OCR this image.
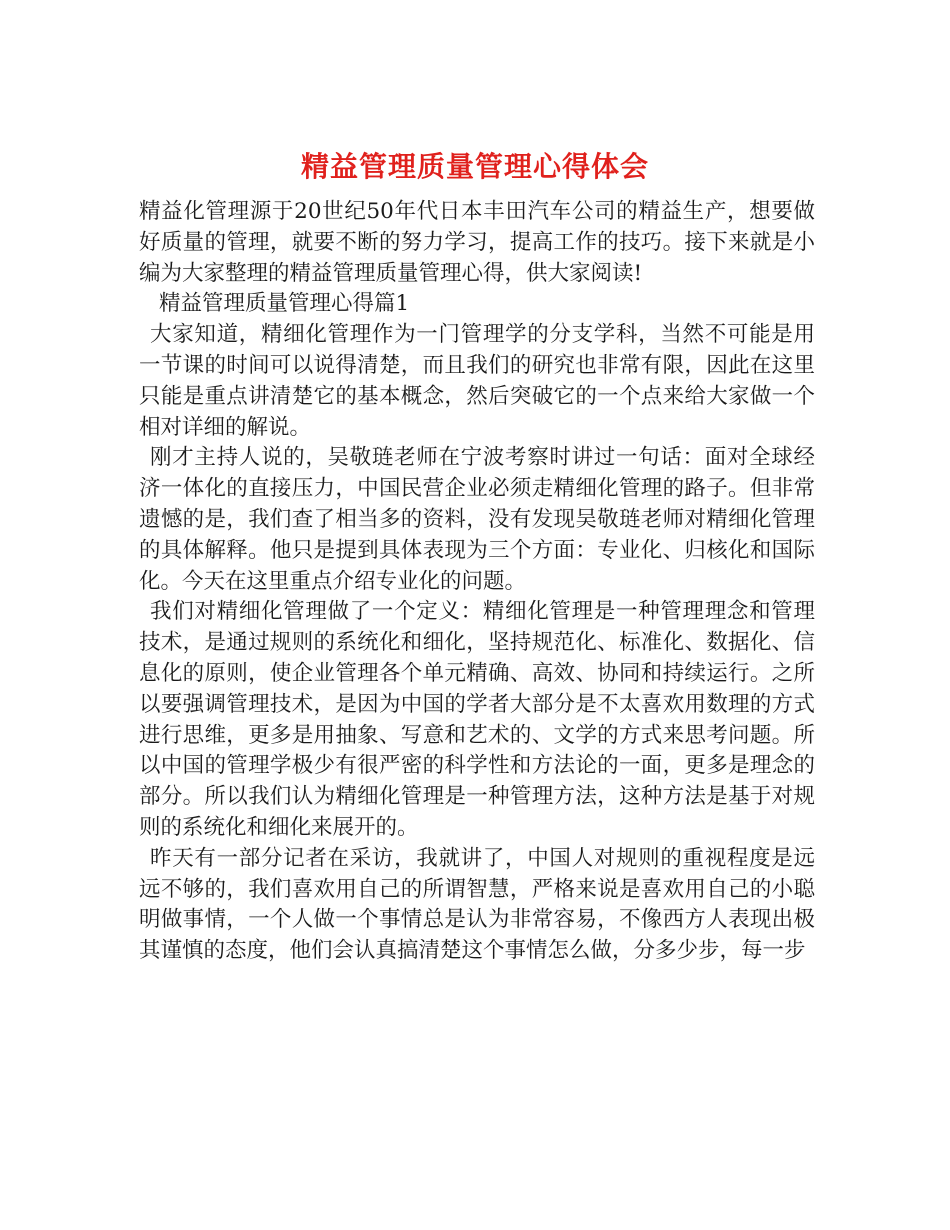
精益管理质量管理心得体会

精益化管理源于20世纪50年代日本丰田汽车公司的精益生产，想要做好质量的管理，就要不断的努力学习，提高工作的技巧。接下来就是小编为大家整理的精益管理质量管理心得，供大家阅读!

精益管理质量管理心得篇1

大家知道，精细化管理作为一门管理学的分支学科，当然不可能是用一节课的时间可以说得清楚，而且我们的研究也非常有限，因此在这里只能是重点讲清楚它的基本概念，然后突破它的一个点来给大家做一个相对详细的解说。

刚才主持人说的，吴敬琏老师在宁波考察时讲过一句话：面对全球经济一体化的直接压力，中国民营企业必须走精细化管理的路子。但非常遗憾的是，我们查了相当多的资料，没有发现吴敬琏老师对精细化管理的具体解释。他只是提到具体表现为三个方面：专业化、归核化和国际化。今天在这里重点介绍专业化的问题。

我们对精细化管理做了一个定义：精细化管理是一种管理理念和管理技术，是通过规则的系统化和细化，坚持规范化、标准化、数据化、信息化的原则，使企业管理各个单元精确、高效、协同和持续运行。之所以要强调管理技术，是因为中国的学者大部分是不太喜欢用数理的方式进行思维，更多是用抽象、写意和艺术的、文学的方式来思考问题。所以中国的管理学极少有很严密的科学性和方法论的一面，更多是理念的部分。所以我们认为精细化管理是一种管理方法，这种方法是基于对规则的系统化和细化来展开的。

昨天有一部分记者在采访，我就讲了，中国人对规则的重视程度是远远不够的，我们喜欢用自己的所谓智慧，严格来说是喜欢用自己的小聪明做事情，一个人做一个事情总是认为非常容易，不像西方人表现出极其谨慎的态度，他们会认真搞清楚这个事情怎么做，分多少步，每一步
